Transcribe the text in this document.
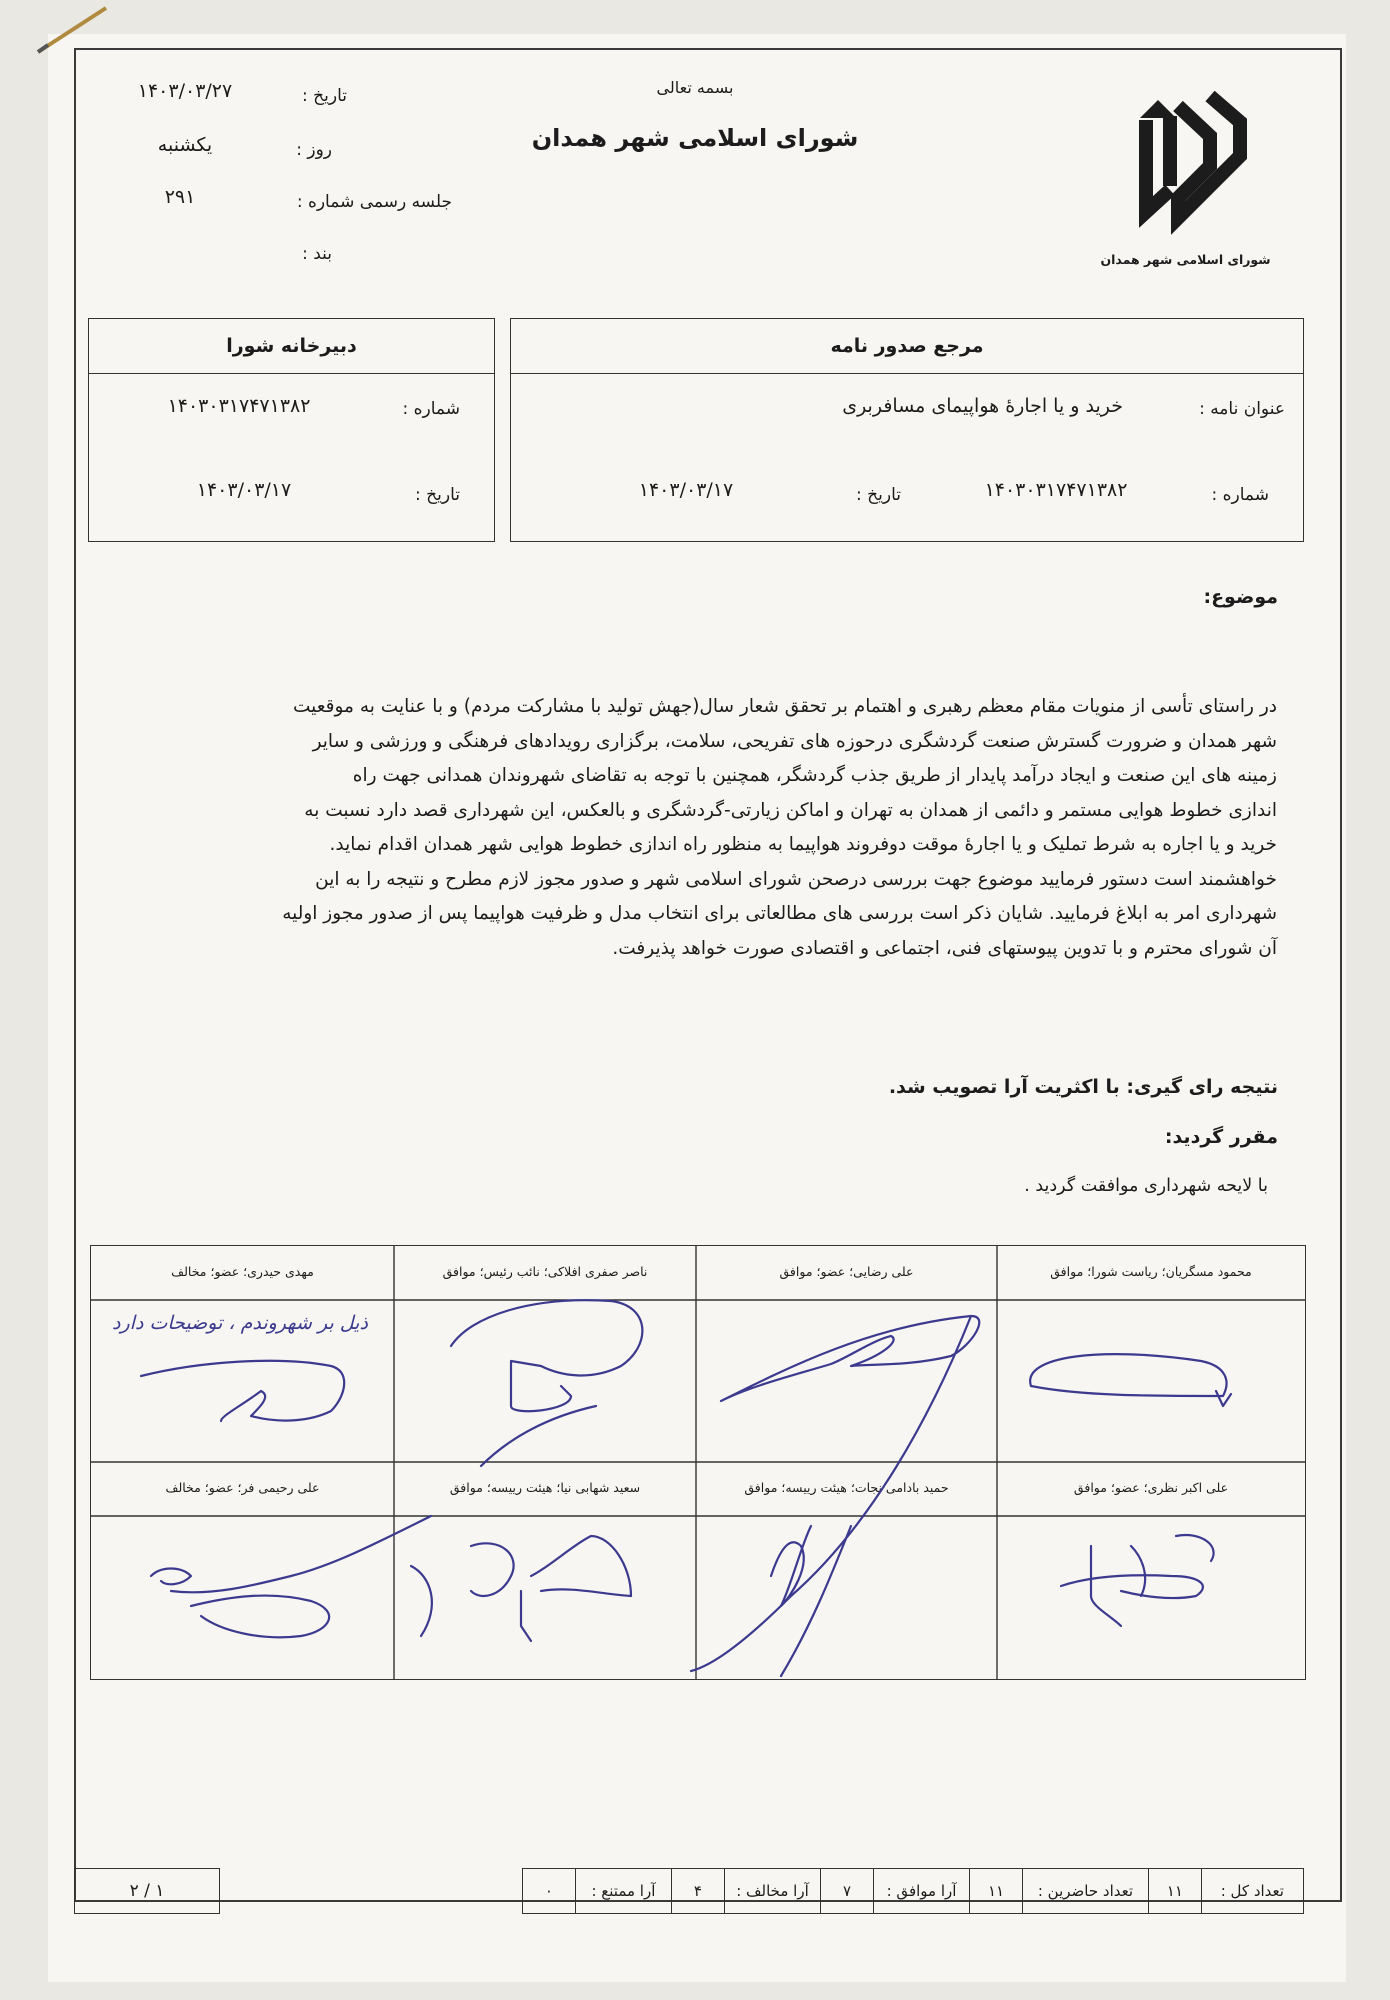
بسمه تعالی
شورای اسلامی شهر همدان
شورای اسلامی شهر همدان
تاریخ :
۱۴۰۳/۰۳/۲۷
روز :
یکشنبه
جلسه رسمی شماره :
۲۹۱
بند :
دبیرخانه شورا
شماره :
۱۴۰۳۰۳۱۷۴۷۱۳۸۲
تاریخ :
۱۴۰۳/۰۳/۱۷
مرجع صدور نامه
عنوان نامه :
خرید و یا اجارهٔ هواپیمای مسافربری
شماره :
۱۴۰۳۰۳۱۷۴۷۱۳۸۲
تاریخ :
۱۴۰۳/۰۳/۱۷
موضوع:

در راستای تأسی از منویات مقام معظم رهبری و اهتمام بر تحقق شعار سال(جهش تولید با مشارکت مردم) و با عنایت به موقعیت

شهر همدان و ضرورت گسترش صنعت گردشگری درحوزه های تفریحی، سلامت، برگزاری رویدادهای فرهنگی و ورزشی و سایر

زمینه های این صنعت و ایجاد درآمد پایدار از طریق جذب گردشگر، همچنین با توجه به تقاضای شهروندان همدانی جهت راه

اندازی خطوط هوایی مستمر و دائمی از همدان به تهران و اماکن زیارتی-گردشگری و بالعکس، این شهرداری قصد دارد نسبت به

خرید و یا اجاره به شرط تملیک و یا اجارهٔ موقت دوفروند هواپیما به منظور راه اندازی خطوط هوایی شهر همدان اقدام نماید.

خواهشمند است دستور فرمایید موضوع جهت بررسی درصحن شورای اسلامی شهر و صدور مجوز لازم مطرح و نتیجه را به این

شهرداری امر به ابلاغ فرمایید. شایان ذکر است بررسی های مطالعاتی برای انتخاب مدل و ظرفیت هواپیما پس از صدور مجوز اولیه

آن شورای محترم و با تدوین پیوستهای فنی، اجتماعی و اقتصادی صورت خواهد پذیرفت.

نتیجه رای گیری: با اکثریت آرا تصویب شد.
مقرر گردید:
با لایحه شهرداری موافقت گردید .
محمود مسگریان؛ ریاست شورا؛ موافق
علی رضایی؛ عضو؛ موافق
ناصر صفری افلاکی؛ نائب رئیس؛ موافق
مهدی حیدری؛ عضو؛ مخالف
علی اکبر نظری؛ عضو؛ موافق
حمید بادامی نجات؛ هیئت رییسه؛ موافق
سعید شهابی نیا؛ هیئت رییسه؛ موافق
علی رحیمی فر؛ عضو؛ مخالف
ذیل بر شهروندم ، توضیحات دارد
تعداد کل :
۱۱
تعداد حاضرین :
۱۱
آرا موافق :
۷
آرا مخالف :
۴
آرا ممتنع :
۰
۱ / ۲
